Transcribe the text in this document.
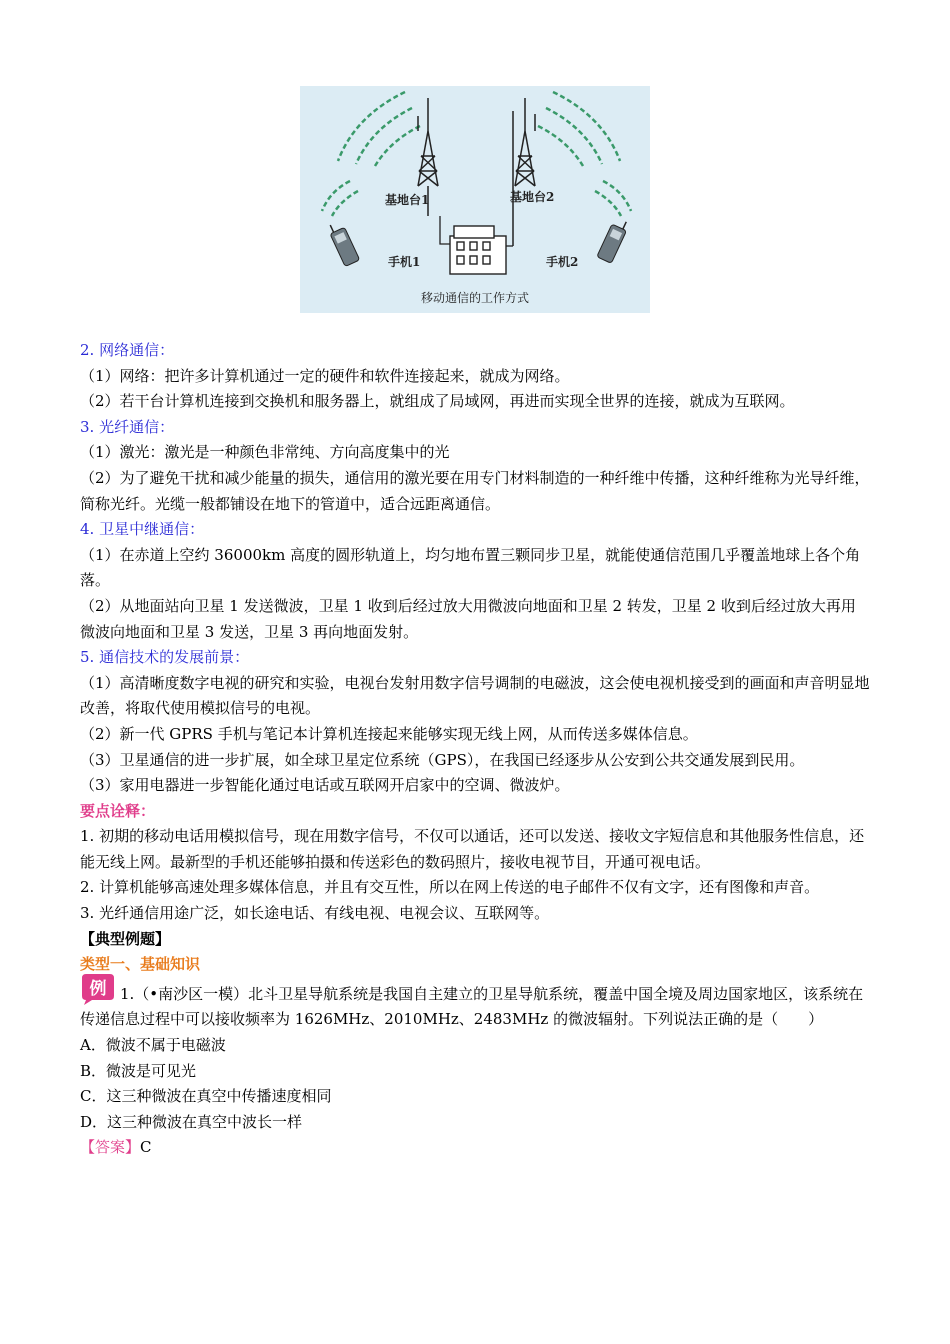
基地台1	基地台2
手机1	手机2
移动通信的工作方式

2. 网络通信：

（1）网络：把许多计算机通过一定的硬件和软件连接起来，就成为网络。

（2）若干台计算机连接到交换机和服务器上，就组成了局域网，再进而实现全世界的连接，就成为互联网。

3. 光纤通信：

（1）激光：激光是一种颜色非常纯、方向高度集中的光

（2）为了避免干扰和减少能量的损失，通信用的激光要在用专门材料制造的一种纤维中传播，这种纤维称为光导纤维，简称光纤。光缆一般都铺设在地下的管道中，适合远距离通信。

4. 卫星中继通信：

（1）在赤道上空约 36000km 高度的圆形轨道上，均匀地布置三颗同步卫星，就能使通信范围几乎覆盖地球上各个角落。

（2）从地面站向卫星 1 发送微波，卫星 1 收到后经过放大用微波向地面和卫星 2 转发，卫星 2 收到后经过放大再用微波向地面和卫星 3 发送，卫星 3 再向地面发射。

5. 通信技术的发展前景：

（1）高清晰度数字电视的研究和实验，电视台发射用数字信号调制的电磁波，这会使电视机接受到的画面和声音明显地改善，将取代使用模拟信号的电视。

（2）新一代 GPRS 手机与笔记本计算机连接起来能够实现无线上网，从而传送多媒体信息。

（3）卫星通信的进一步扩展，如全球卫星定位系统（GPS），在我国已经逐步从公安到公共交通发展到民用。

（3）家用电器进一步智能化通过电话或互联网开启家中的空调、微波炉。

要点诠释：

1. 初期的移动电话用模拟信号，现在用数字信号，不仅可以通话，还可以发送、接收文字短信息和其他服务性信息，还能无线上网。最新型的手机还能够拍摄和传送彩色的数码照片，接收电视节目，开通可视电话。

2. 计算机能够高速处理多媒体信息，并且有交互性，所以在网上传送的电子邮件不仅有文字，还有图像和声音。

3. 光纤通信用途广泛，如长途电话、有线电视、电视会议、互联网等。

【典型例题】

类型一、基础知识

例 1.（•南沙区一模）北斗卫星导航系统是我国自主建立的卫星导航系统，覆盖中国全境及周边国家地区，该系统在传递信息过程中可以接收频率为 1626MHz、2010MHz、2483MHz 的微波辐射。下列说法正确的是（　　）

A．微波不属于电磁波

B．微波是可见光

C．这三种微波在真空中传播速度相同

D．这三种微波在真空中波长一样

【答案】C
